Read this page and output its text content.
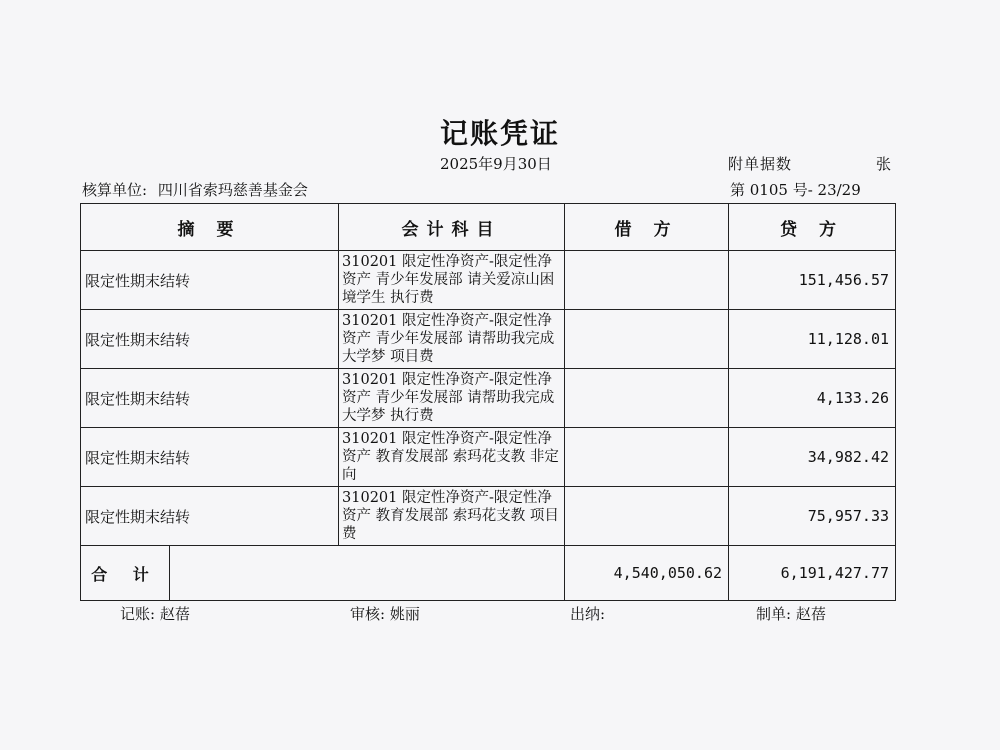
记账凭证
2025年9月30日	附单据数	张
核算单位: 四川省索玛慈善基金会	第 0105 号- 23/29
摘 要		会计科目	借 方	贷 方
限定性期末结转		310201 限定性净资产-限定性净资产 青少年发展部 请关爱凉山困境学生 执行费		151,456.57
限定性期末结转		310201 限定性净资产-限定性净资产 青少年发展部 请帮助我完成大学梦 项目费		11,128.01
限定性期末结转		310201 限定性净资产-限定性净资产 青少年发展部 请帮助我完成大学梦 执行费		4,133.26
限定性期末结转		310201 限定性净资产-限定性净资产 教育发展部 索玛花支教 非定向		34,982.42
限定性期末结转		310201 限定性净资产-限定性净资产 教育发展部 索玛花支教 项目费		75,957.33
合 计			4,540,050.62	6,191,427.77
记账: 赵蓓	审核: 姚丽	出纳:	制单: 赵蓓
